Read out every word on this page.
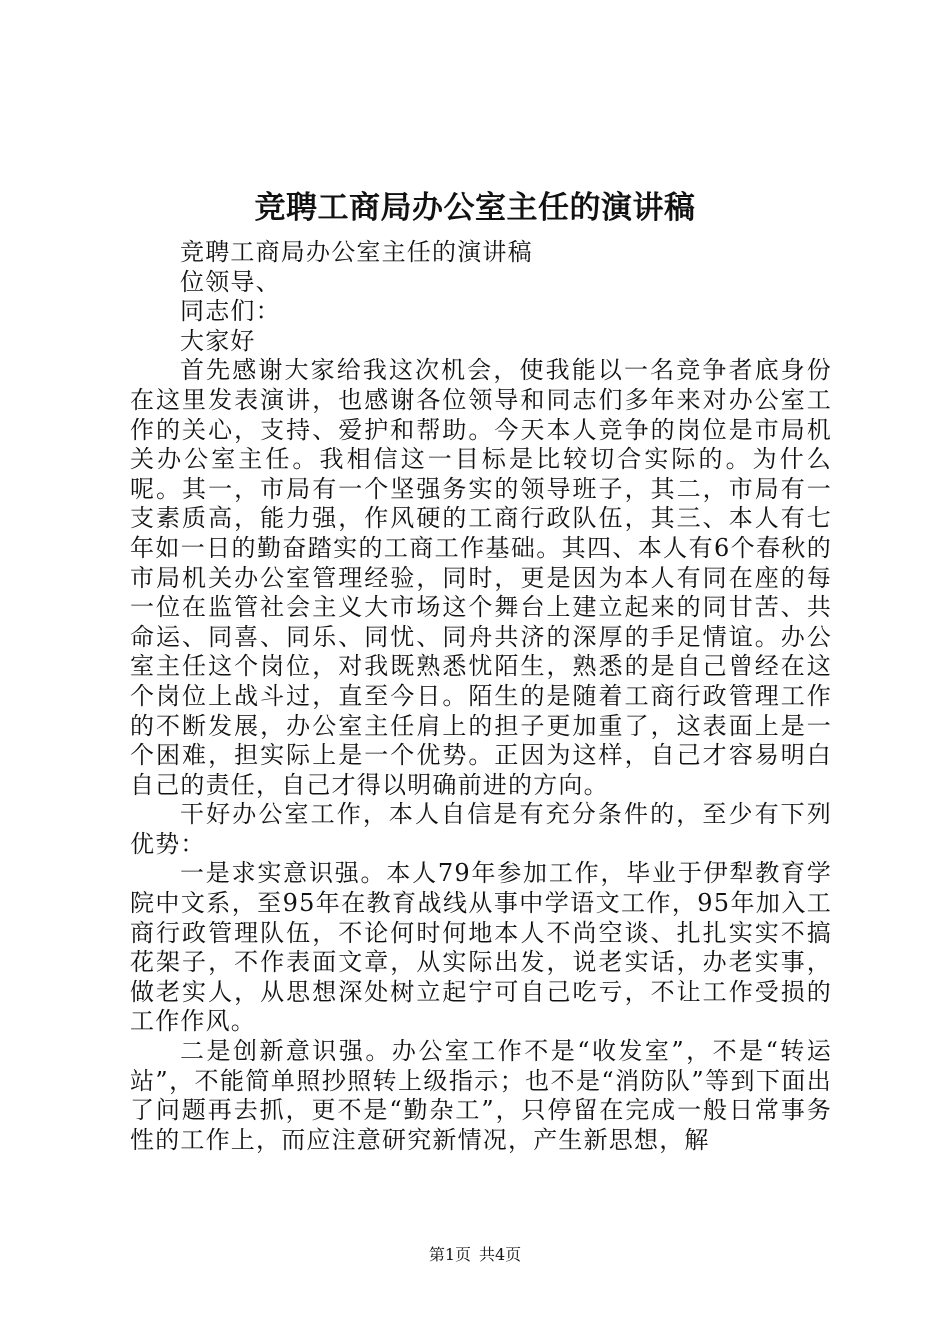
竞聘工商局办公室主任的演讲稿

竞聘工商局办公室主任的演讲稿

位领导、

同志们：

大家好

首先感谢大家给我这次机会，使我能以一名竞争者底身份在这里发表演讲，也感谢各位领导和同志们多年来对办公室工作的关心，支持、爱护和帮助。今天本人竞争的岗位是市局机关办公室主任。我相信这一目标是比较切合实际的。为什么呢。其一，市局有一个坚强务实的领导班子，其二，市局有一支素质高，能力强，作风硬的工商行政队伍，其三、本人有七年如一日的勤奋踏实的工商工作基础。其四、本人有6个春秋的市局机关办公室管理经验，同时，更是因为本人有同在座的每一位在监管社会主义大市场这个舞台上建立起来的同甘苦、共命运、同喜、同乐、同忧、同舟共济的深厚的手足情谊。办公室主任这个岗位，对我既熟悉忧陌生，熟悉的是自己曾经在这个岗位上战斗过，直至今日。陌生的是随着工商行政管理工作的不断发展，办公室主任肩上的担子更加重了，这表面上是一个困难，担实际上是一个优势。正因为这样，自己才容易明白自己的责任，自己才得以明确前进的方向。

干好办公室工作，本人自信是有充分条件的，至少有下列优势：

一是求实意识强。本人79年参加工作，毕业于伊犁教育学院中文系，至95年在教育战线从事中学语文工作，95年加入工商行政管理队伍，不论何时何地本人不尚空谈、扎扎实实不搞花架子，不作表面文章，从实际出发，说老实话，办老实事，做老实人，从思想深处树立起宁可自己吃亏，不让工作受损的工作作风。

二是创新意识强。办公室工作不是“收发室”，不是“转运站”，不能简单照抄照转上级指示；也不是“消防队”等到下面出了问题再去抓，更不是“勤杂工”，只停留在完成一般日常事务性的工作上，而应注意研究新情况，产生新思想，解

第1页 共4页
